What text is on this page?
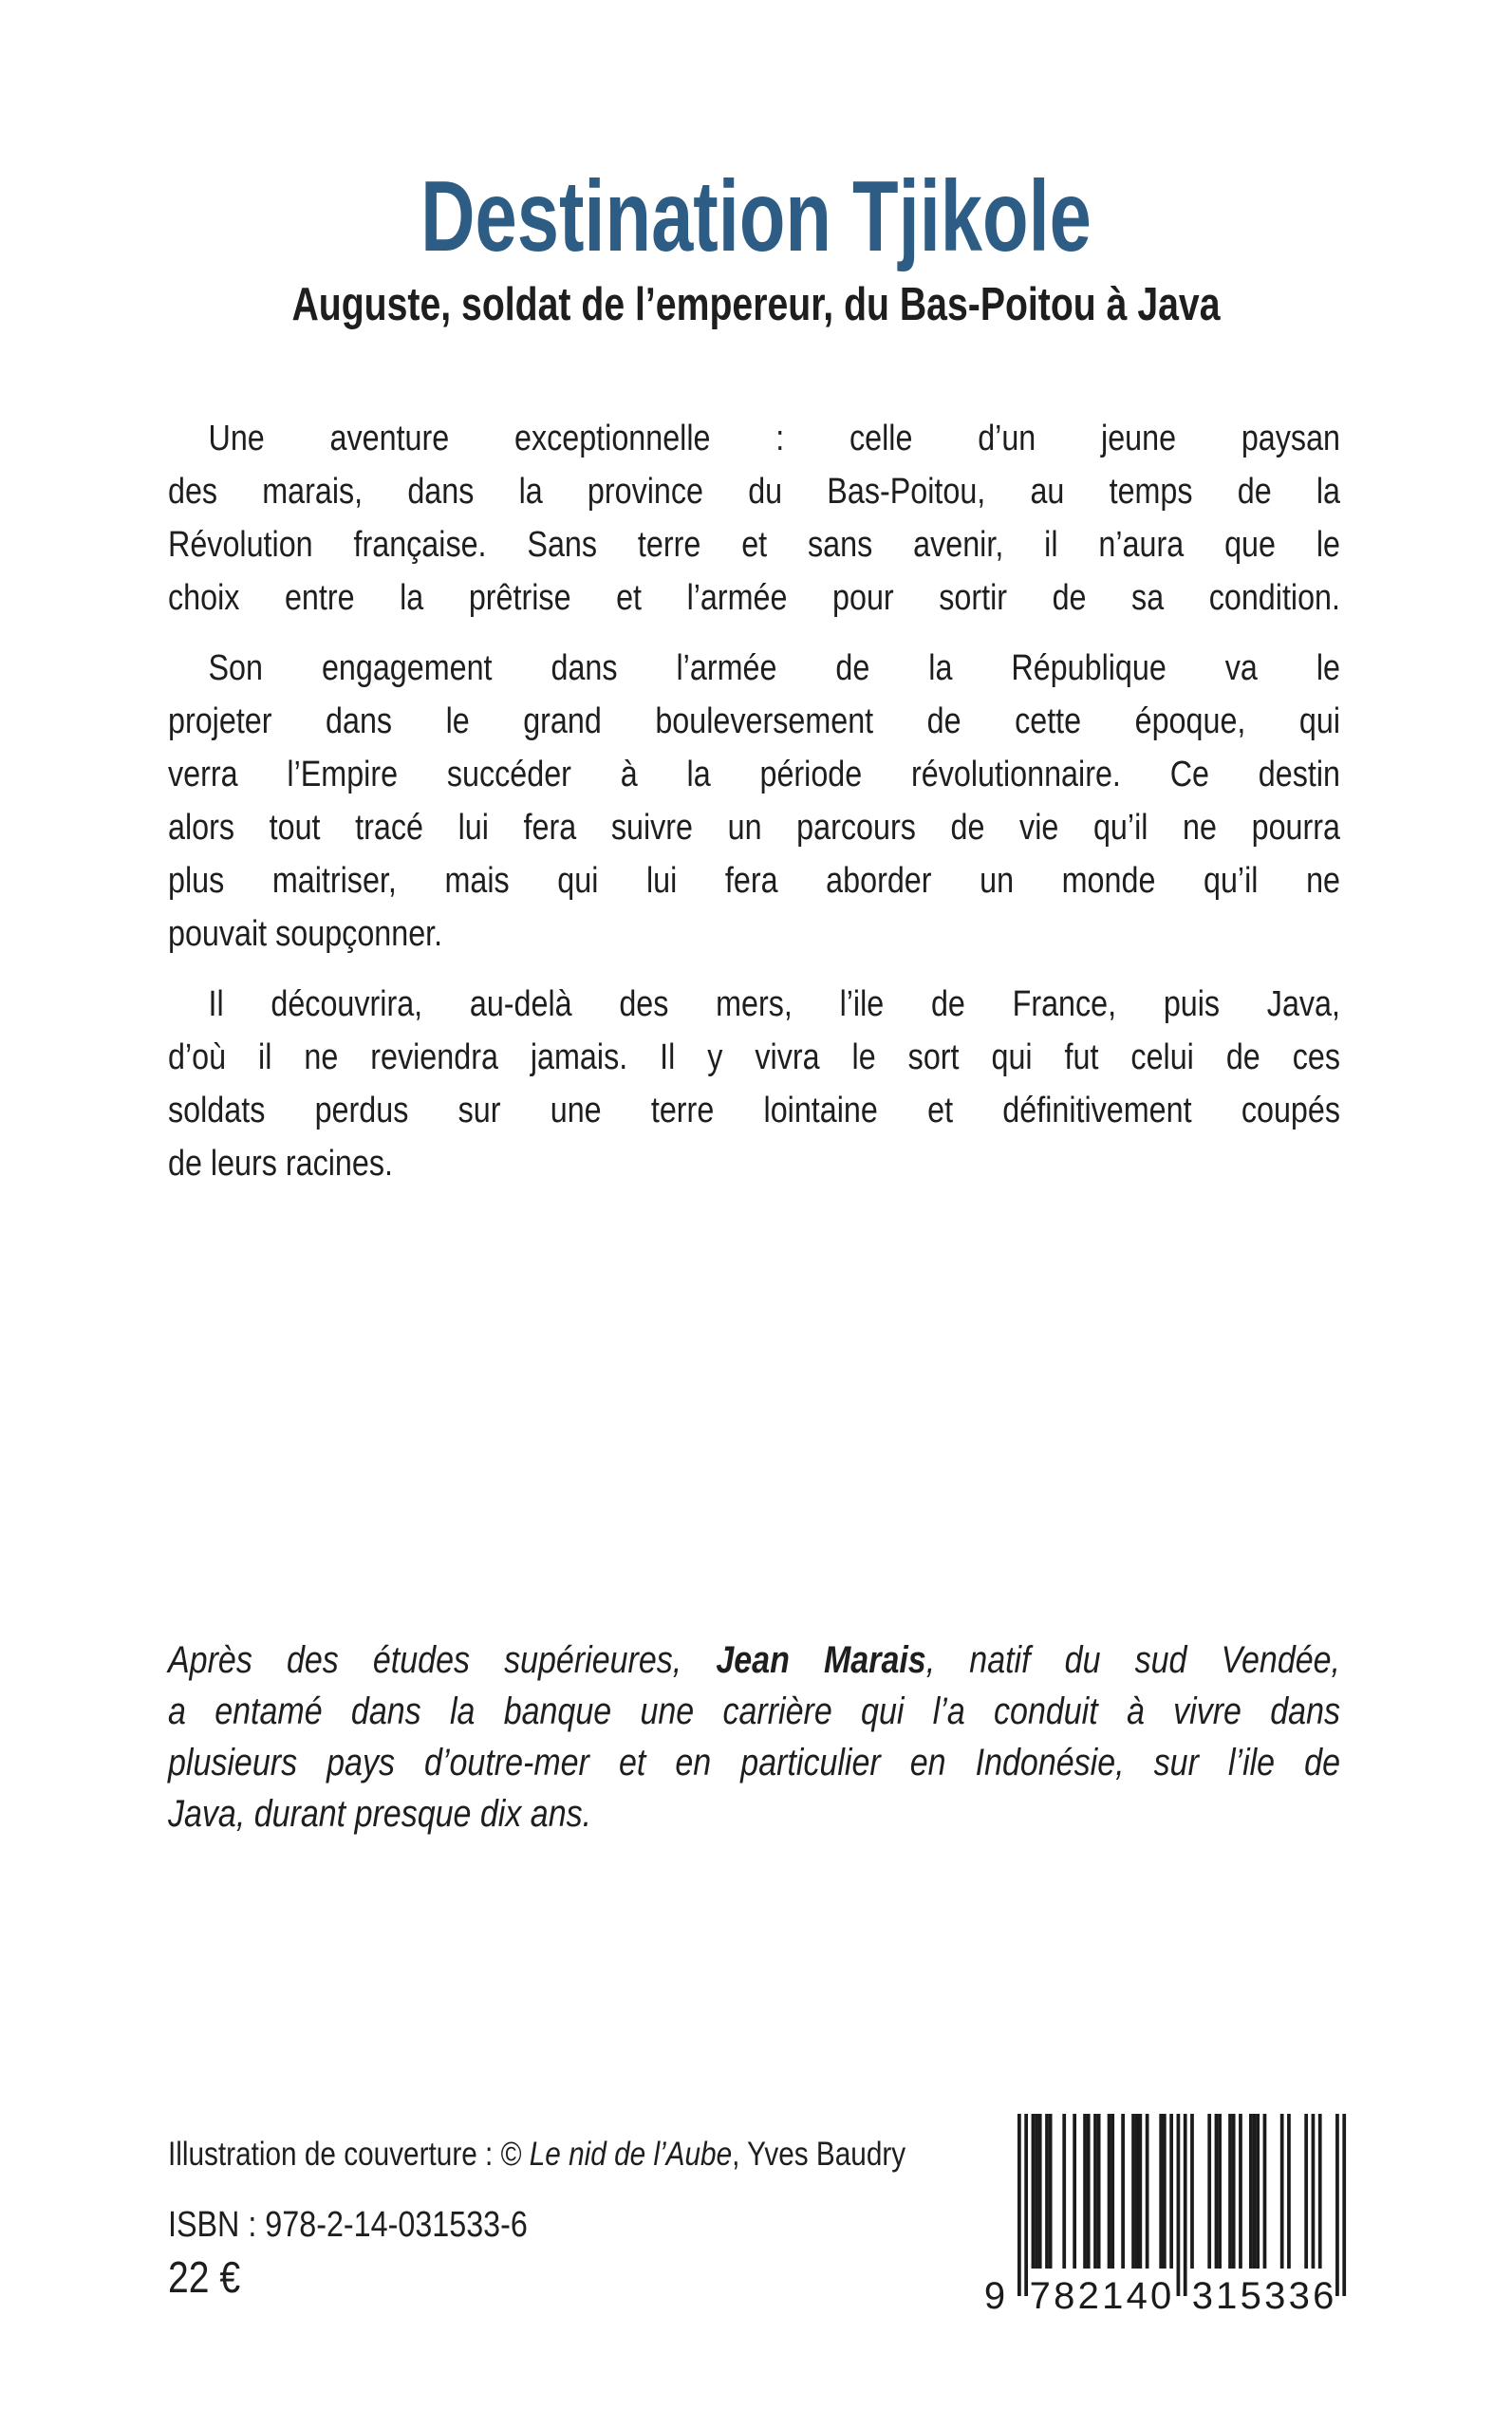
Destination Tjikole
Auguste, soldat de l’empereur, du Bas-Poitou à Java
Une aventure exceptionnelle : celle d’un jeune paysan
des marais, dans la province du Bas-Poitou, au temps de la
Révolution française. Sans terre et sans avenir, il n’aura que le
choix entre la prêtrise et l’armée pour sortir de sa condition.
Son engagement dans l’armée de la République va le
projeter dans le grand bouleversement de cette époque, qui
verra l’Empire succéder à la période révolutionnaire. Ce destin
alors tout tracé lui fera suivre un parcours de vie qu’il ne pourra
plus maitriser, mais qui lui fera aborder un monde qu’il ne
pouvait soupçonner.
Il découvrira, au-delà des mers, l’ile de France, puis Java,
d’où il ne reviendra jamais. Il y vivra le sort qui fut celui de ces
soldats perdus sur une terre lointaine et définitivement coupés
de leurs racines.
Après des études supérieures, Jean Marais, natif du sud Vendée,
a entamé dans la banque une carrière qui l’a conduit à vivre dans
plusieurs pays d’outre-mer et en particulier en Indonésie, sur l’ile de
Java, durant presque dix ans.
Illustration de couverture : © Le nid de l’Aube, Yves Baudry
ISBN : 978-2-14-031533-6
22 €	9 7	3
8	1
2	5
1	3
4	3
0	6
